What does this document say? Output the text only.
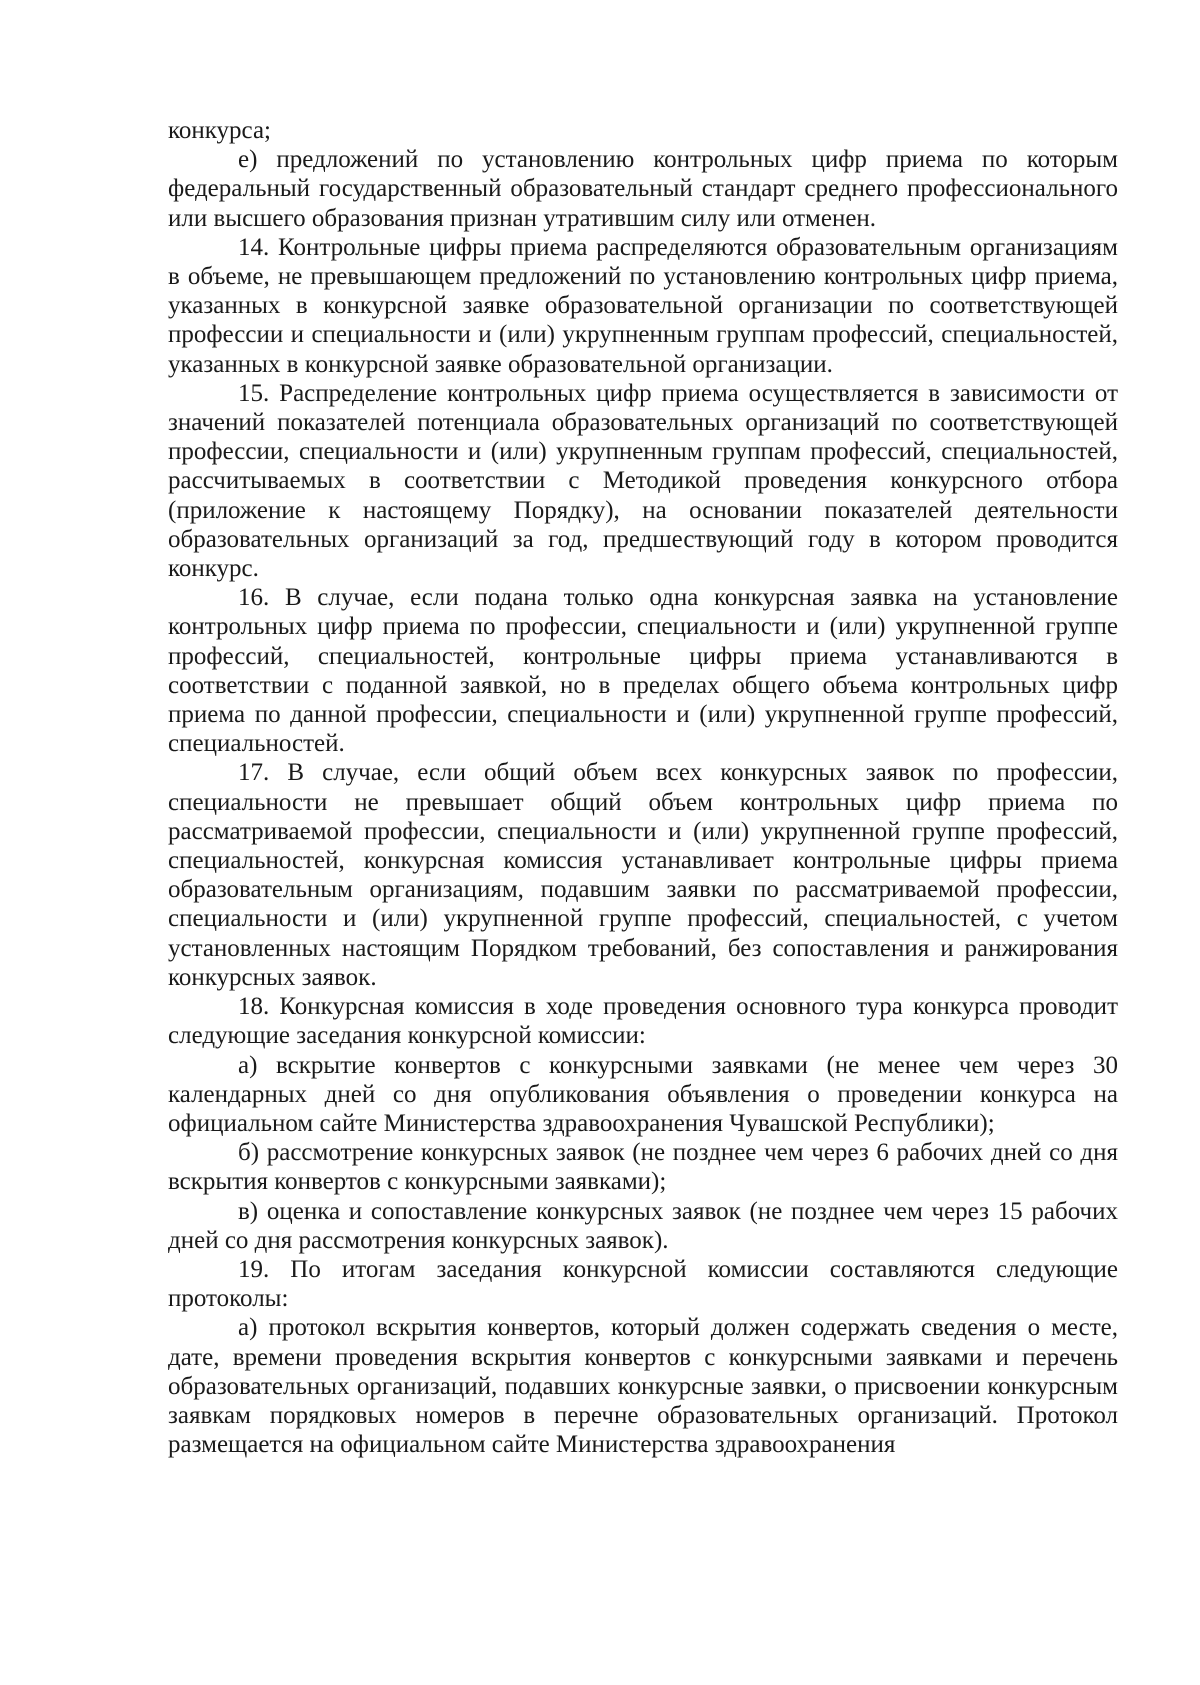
конкурса;

е) предложений по установлению контрольных цифр приема по которым федеральный государственный образовательный стандарт среднего профессионального или высшего образования признан утратившим силу или отменен.

14. Контрольные цифры приема распределяются образовательным организациям в объеме, не превышающем предложений по установлению контрольных цифр приема, указанных в конкурсной заявке образовательной организации по соответствующей профессии и специальности и (или) укрупненным группам профессий, специальностей, указанных в конкурсной заявке образовательной организации.

15. Распределение контрольных цифр приема осуществляется в зависимости от значений показателей потенциала образовательных организаций по соответствующей профессии, специальности и (или) укрупненным группам профессий, специальностей, рассчитываемых в соответствии с Методикой проведения конкурсного отбора (приложение к настоящему Порядку), на основании показателей деятельности образовательных организаций за год, предшествующий году в котором проводится конкурс.

16. В случае, если подана только одна конкурсная заявка на установление контрольных цифр приема по профессии, специальности и (или) укрупненной группе профессий, специальностей, контрольные цифры приема устанавливаются в соответствии с поданной заявкой, но в пределах общего объема контрольных цифр приема по данной профессии, специальности и (или) укрупненной группе профессий, специальностей.

17. В случае, если общий объем всех конкурсных заявок по профессии, специальности не превышает общий объем контрольных цифр приема по рассматриваемой профессии, специальности и (или) укрупненной группе профессий, специальностей, конкурсная комиссия устанавливает контрольные цифры приема образовательным организациям, подавшим заявки по рассматриваемой профессии, специальности и (или) укрупненной группе профессий, специальностей, с учетом установленных настоящим Порядком требований, без сопоставления и ранжирования конкурсных заявок.

18. Конкурсная комиссия в ходе проведения основного тура конкурса проводит следующие заседания конкурсной комиссии:

а) вскрытие конвертов с конкурсными заявками (не менее чем через 30 календарных дней со дня опубликования объявления о проведении конкурса на официальном сайте Министерства здравоохранения Чувашской Республики);

б) рассмотрение конкурсных заявок (не позднее чем через 6 рабочих дней со дня вскрытия конвертов с конкурсными заявками);

в) оценка и сопоставление конкурсных заявок (не позднее чем через 15 рабочих дней со дня рассмотрения конкурсных заявок).

19. По итогам заседания конкурсной комиссии составляются следующие протоколы:

а) протокол вскрытия конвертов, который должен содержать сведения о месте, дате, времени проведения вскрытия конвертов с конкурсными заявками и перечень образовательных организаций, подавших конкурсные заявки, о присвоении конкурсным заявкам порядковых номеров в перечне образовательных организаций. Протокол размещается на официальном сайте Министерства здравоохранения
